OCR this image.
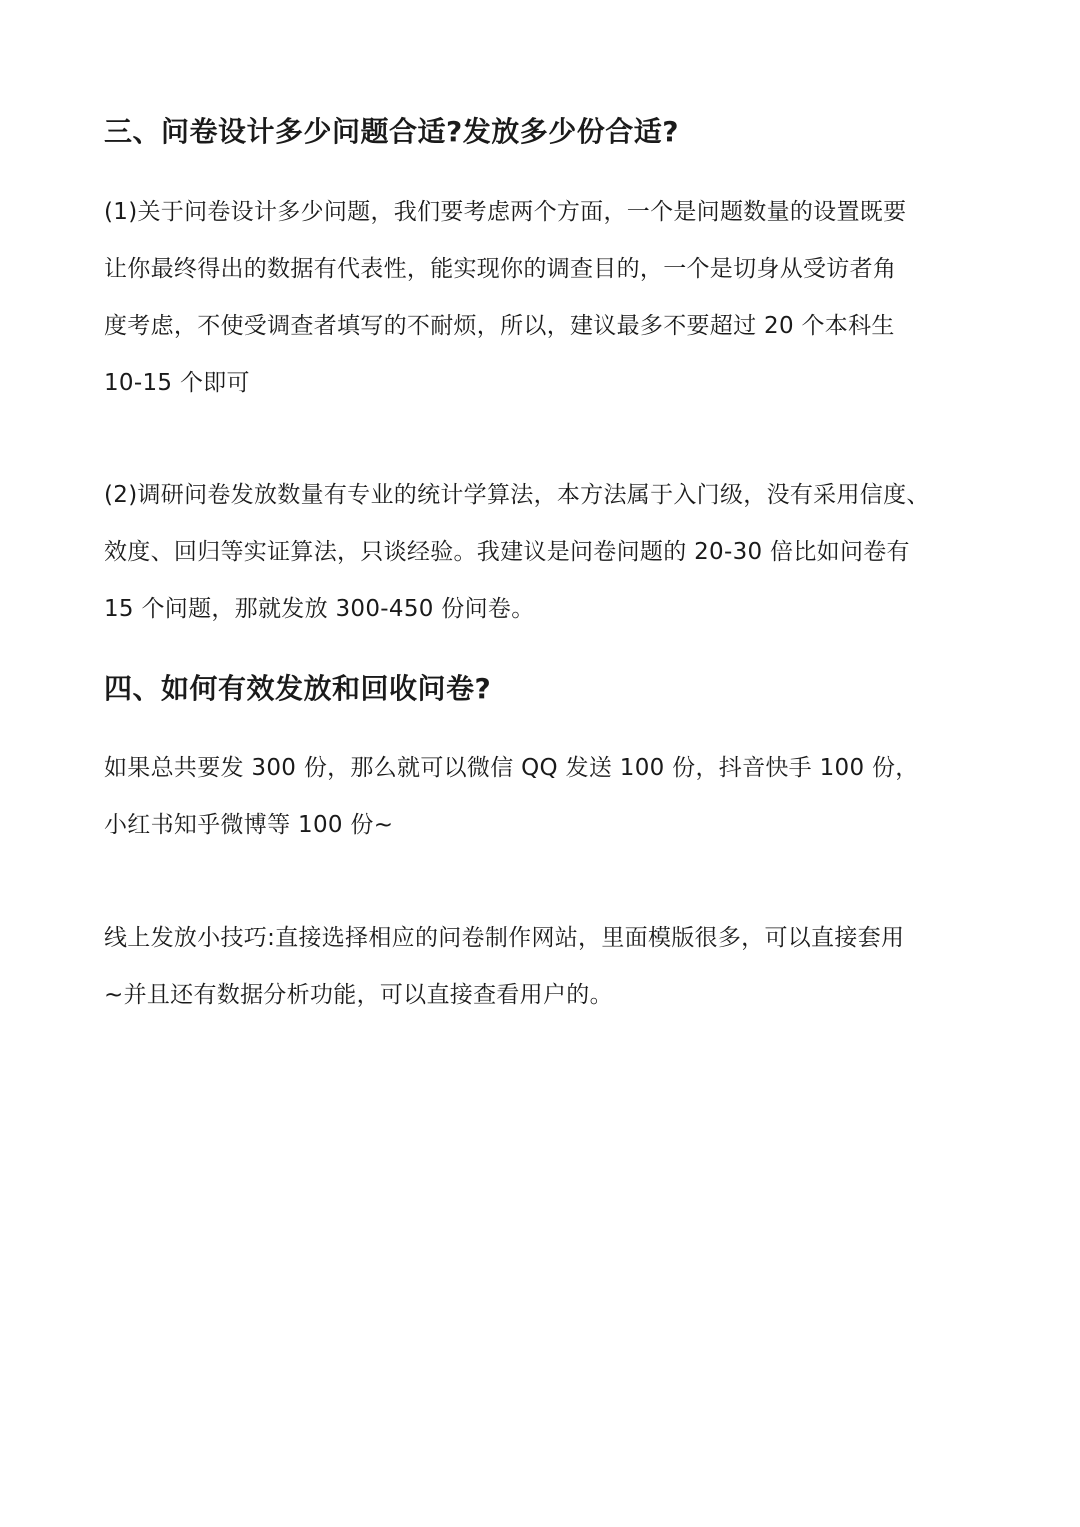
三、问卷设计多少问题合适?发放多少份合适?
(1)关于问卷设计多少问题，我们要考虑两个方面，一个是问题数量的设置既要
让你最终得出的数据有代表性，能实现你的调查目的，一个是切身从受访者角
度考虑，不使受调查者填写的不耐烦，所以，建议最多不要超过 20 个本科生
10-15 个即可
(2)调研问卷发放数量有专业的统计学算法，本方法属于入门级，没有采用信度、
效度、回归等实证算法，只谈经验。我建议是问卷问题的 20-30 倍比如问卷有
15 个问题，那就发放 300-450 份问卷。
四、如何有效发放和回收问卷?
如果总共要发 300 份，那么就可以微信 QQ 发送 100 份，抖音快手 100 份，
小红书知乎微博等 100 份~
线上发放小技巧:直接选择相应的问卷制作网站，里面模版很多，可以直接套用
~并且还有数据分析功能，可以直接查看用户的。
